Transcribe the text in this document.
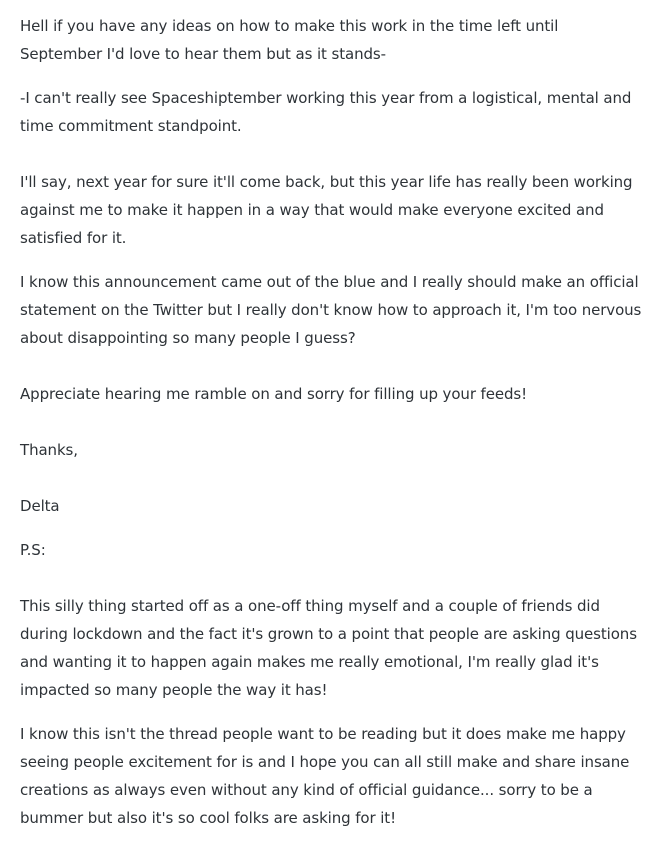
Hell if you have any ideas on how to make this work in the time left until September I'd love to hear them but as it stands-

-I can't really see Spaceshiptember working this year from a logistical, mental and time commitment standpoint.

I'll say, next year for sure it'll come back, but this year life has really been working against me to make it happen in a way that would make everyone excited and satisfied for it.

I know this announcement came out of the blue and I really should make an official statement on the Twitter but I really don't know how to approach it, I'm too nervous about disappointing so many people I guess?

Appreciate hearing me ramble on and sorry for filling up your feeds!

Thanks,

Delta

P.S:

This silly thing started off as a one-off thing myself and a couple of friends did during lockdown and the fact it's grown to a point that people are asking questions and wanting it to happen again makes me really emotional, I'm really glad it's impacted so many people the way it has!

I know this isn't the thread people want to be reading but it does make me happy seeing people excitement for is and I hope you can all still make and share insane creations as always even without any kind of official guidance... sorry to be a bummer but also it's so cool folks are asking for it!
